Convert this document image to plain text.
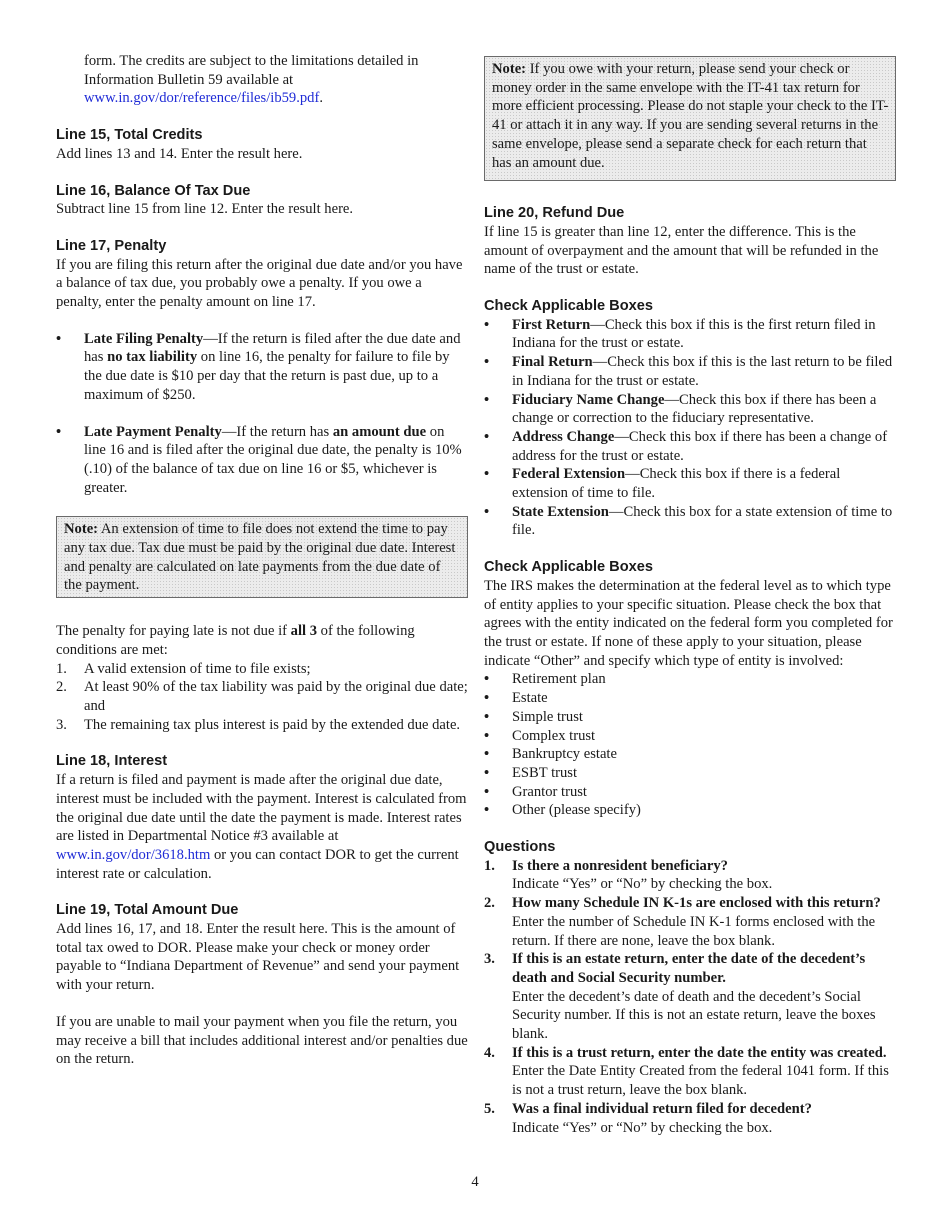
form. The credits are subject to the limitations detailed in Information Bulletin 59 available at
www.in.gov/dor/reference/files/ib59.pdf.

Line 15, Total Credits

Add lines 13 and 14. Enter the result here.

Line 16, Balance Of Tax Due

Subtract line 15 from line 12. Enter the result here.

Line 17, Penalty

If you are filing this return after the original due date and/or you have a balance of tax due, you probably owe a penalty. If you owe a penalty, enter the penalty amount on line 17.

• Late Filing Penalty—If the return is filed after the due date and has no tax liability on line 16, the penalty for failure to file by the due date is $10 per day that the return is past due, up to a maximum of $250.
• Late Payment Penalty—If the return has an amount due on line 16 and is filed after the original due date, the penalty is 10% (.10) of the balance of tax due on line 16 or $5, whichever is greater.
Note: An extension of time to file does not extend the time to pay any tax due. Tax due must be paid by the original due date. Interest and penalty are calculated on late payments from the due date of the payment.

The penalty for paying late is not due if all 3 of the following conditions are met:

1. A valid extension of time to file exists;
2. At least 90% of the tax liability was paid by the original due date; and
3. The remaining tax plus interest is paid by the extended due date.
Line 18, Interest

If a return is filed and payment is made after the original due date, interest must be included with the payment. Interest is calculated from the original due date until the date the payment is made. Interest rates are listed in Departmental Notice #3 available at www.in.gov/dor/3618.htm or you can contact DOR to get the current interest rate or calculation.

Line 19, Total Amount Due

Add lines 16, 17, and 18. Enter the result here. This is the amount of total tax owed to DOR. Please make your check or money order payable to “Indiana Department of Revenue” and send your payment with your return.

If you are unable to mail your payment when you file the return, you may receive a bill that includes additional interest and/or penalties due on the return.

Note: If you owe with your return, please send your check or money order in the same envelope with the IT-41 tax return for more efficient processing. Please do not staple your check to the IT-41 or attach it in any way. If you are sending several returns in the same envelope, please send a separate check for each return that has an amount due.
Line 20, Refund Due

If line 15 is greater than line 12, enter the difference. This is the amount of overpayment and the amount that will be refunded in the name of the trust or estate.

Check Applicable Boxes
• First Return—Check this box if this is the first return filed in Indiana for the trust or estate.
• Final Return—Check this box if this is the last return to be filed in Indiana for the trust or estate.
• Fiduciary Name Change—Check this box if there has been a change or correction to the fiduciary representative.
• Address Change—Check this box if there has been a change of address for the trust or estate.
• Federal Extension—Check this box if there is a federal extension of time to file.
• State Extension—Check this box for a state extension of time to file.
Check Applicable Boxes

The IRS makes the determination at the federal level as to which type of entity applies to your specific situation. Please check the box that agrees with the entity indicated on the federal form you completed for the trust or estate. If none of these apply to your situation, please indicate “Other” and specify which type of entity is involved:

• Retirement plan
• Estate
• Simple trust
• Complex trust
• Bankruptcy estate
• ESBT trust
• Grantor trust
• Other (please specify)
Questions
1. Is there a nonresident beneficiary?
Indicate “Yes” or “No” by checking the box.
2. How many Schedule IN K-1s are enclosed with this return?

Enter the number of Schedule IN K-1 forms enclosed with the return. If there are none, leave the box blank.
3. If this is an estate return, enter the date of the decedent’s death and Social Security number.
Enter the decedent’s date of death and the decedent’s Social Security number. If this is not an estate return, leave the boxes blank.
4. If this is a trust return, enter the date the entity was created.
Enter the Date Entity Created from the federal 1041 form. If this is not a trust return, leave the box blank.
5. Was a final individual return filed for decedent?
Indicate “Yes” or “No” by checking the box.
4
